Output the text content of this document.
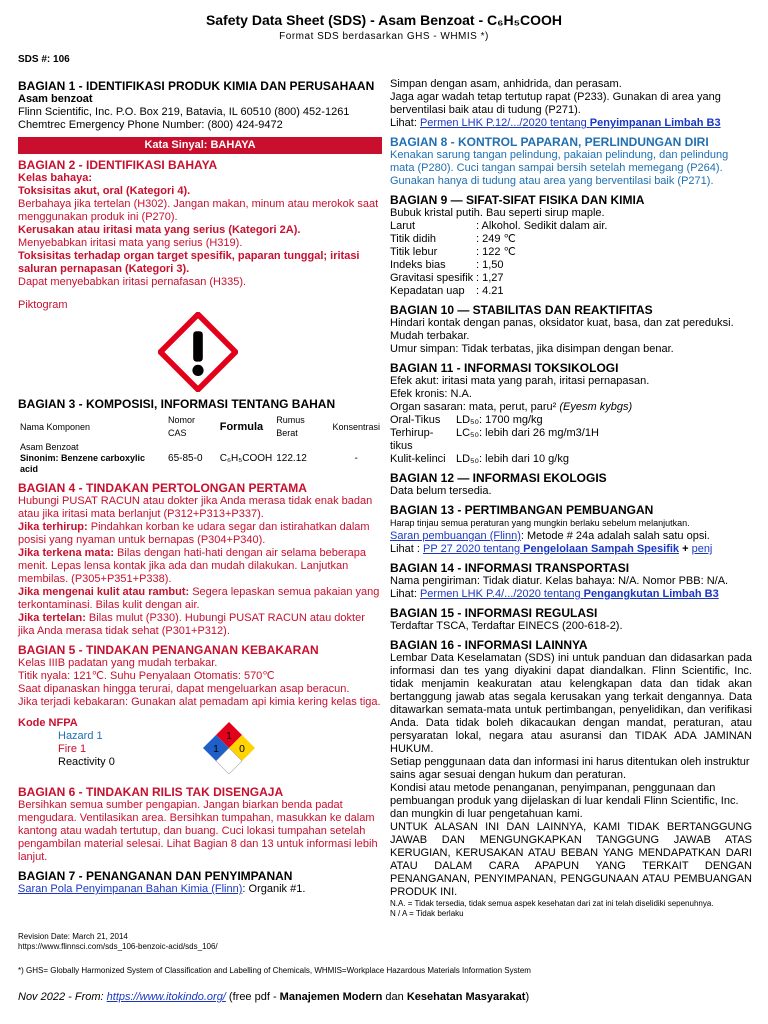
Safety Data Sheet (SDS) - Asam Benzoat - C₆H₅COOH
Format SDS berdasarkan GHS - WHMIS *)
SDS #: 106
BAGIAN 1 - IDENTIFIKASI PRODUK KIMIA DAN PERUSAHAAN
Asam benzoat
Flinn Scientific, Inc. P.O. Box 219, Batavia, IL 60510 (800) 452-1261
Chemtrec Emergency Phone Number: (800) 424-9472
Kata Sinyal: BAHAYA
BAGIAN 2 - IDENTIFIKASI BAHAYA
Kelas bahaya:
Toksisitas akut, oral (Kategori 4).
Berbahaya jika tertelan (H302). Jangan makan, minum atau merokok saat menggunakan produk ini (P270).
Kerusakan atau iritasi mata yang serius (Kategori 2A).
Menyebabkan iritasi mata yang serius (H319).
Toksisitas terhadap organ target spesifik, paparan tunggal; iritasi saluran pernapasan (Kategori 3).
Dapat menyebabkan iritasi pernafasan (H335).
Piktogram
BAGIAN 3 - KOMPOSISI, INFORMASI TENTANG BAHAN
Nama Komponen	Nomor CAS	Formula	Rumus Berat	Konsentrasi

Asam Benzoat
Sinonim: Benzene carboxylic acid	65-85-0	C₆H₅COOH	122.12	-
BAGIAN 4 - TINDAKAN PERTOLONGAN PERTAMA
Hubungi PUSAT RACUN atau dokter jika Anda merasa tidak enak badan atau jika iritasi mata berlanjut (P312+P313+P337).
Jika terhirup: Pindahkan korban ke udara segar dan istirahatkan dalam posisi yang nyaman untuk bernapas (P304+P340).
Jika terkena mata: Bilas dengan hati-hati dengan air selama beberapa menit. Lepas lensa kontak jika ada dan mudah dilakukan. Lanjutkan membilas. (P305+P351+P338).
Jika mengenai kulit atau rambut: Segera lepaskan semua pakaian yang terkontaminasi. Bilas kulit dengan air.
Jika tertelan: Bilas mulut (P330). Hubungi PUSAT RACUN atau dokter jika Anda merasa tidak sehat (P301+P312).
BAGIAN 5 - TINDAKAN PENANGANAN KEBAKARAN
Kelas IIIB padatan yang mudah terbakar.
Titik nyala: 121℃. Suhu Penyalaan Otomatis: 570℃
Saat dipanaskan hingga terurai, dapat mengeluarkan asap beracun.
Jika terjadi kebakaran: Gunakan alat pemadam api kimia kering kelas tiga.
Kode NFPA
Hazard 1
Fire 1
Reactivity 0
1
1 0
BAGIAN 6 - TINDAKAN RILIS TAK DISENGAJA
Bersihkan semua sumber pengapian. Jangan biarkan benda padat mengudara. Ventilasikan area. Bersihkan tumpahan, masukkan ke dalam kantong atau wadah tertutup, dan buang. Cuci lokasi tumpahan setelah pengambilan material selesai. Lihat Bagian 8 dan 13 untuk informasi lebih lanjut.
BAGIAN 7 - PENANGANAN DAN PENYIMPANAN
Saran Pola Penyimpanan Bahan Kimia (Flinn): Organik #1.
Revision Date: March 21, 2014
https://www.flinnsci.com/sds_106-benzoic-acid/sds_106/
Simpan dengan asam, anhidrida, dan perasam.
Jaga agar wadah tetap tertutup rapat (P233). Gunakan di area yang berventilasi baik atau di tudung (P271).
Lihat: Permen LHK P.12/.../2020 tentang Penyimpanan Limbah B3
BAGIAN 8 - KONTROL PAPARAN, PERLINDUNGAN DIRI
Kenakan sarung tangan pelindung, pakaian pelindung, dan pelindung mata (P280). Cuci tangan sampai bersih setelah memegang (P264). Gunakan hanya di tudung atau area yang berventilasi baik (P271).
BAGIAN 9 — SIFAT-SIFAT FISIKA DAN KIMIA
Bubuk kristal putih. Bau seperti sirup maple.
Larut	: Alkohol. Sedikit dalam air.
Titik didih	: 249 ℃
Titik lebur	: 122 ℃
Indeks bias	: 1,50
Gravitasi spesifik : 1,27
Kepadatan uap	: 4.21
BAGIAN 10 — STABILITAS DAN REAKTIFITAS
Hindari kontak dengan panas, oksidator kuat, basa, dan zat pereduksi. Mudah terbakar.
Umur simpan: Tidak terbatas, jika disimpan dengan benar.
BAGIAN 11 - INFORMASI TOKSIKOLOGI
Efek akut: iritasi mata yang parah, iritasi pernapasan.
Efek kronis: N.A.
Organ sasaran: mata, perut, paru² (Eyesm kybgs)
Oral-Tikus	LD₅₀: 1700 mg/kg
Terhirup-tikus
LC₅₀: lebih dari 26 mg/m3/1H
Kulit-kelinci LD₅₀: lebih dari 10 g/kg
BAGIAN 12 — INFORMASI EKOLOGIS
Data belum tersedia.
BAGIAN 13 - PERTIMBANGAN PEMBUANGAN
Harap tinjau semua peraturan yang mungkin berlaku sebelum melanjutkan.
Saran pembuangan (Flinn): Metode # 24a adalah salah satu opsi.
Lihat : PP 27 2020 tentang Pengelolaan Sampah Spesifik + penj
BAGIAN 14 - INFORMASI TRANSPORTASI
Nama pengiriman: Tidak diatur. Kelas bahaya: N/A. Nomor PBB: N/A.
Lihat: Permen LHK P.4/.../2020 tentang Pengangkutan Limbah B3
BAGIAN 15 - INFORMASI REGULASI
Terdaftar TSCA, Terdaftar EINECS (200-618-2).
BAGIAN 16 - INFORMASI LAINNYA
Lembar Data Keselamatan (SDS) ini untuk panduan dan didasarkan pada informasi dan tes yang diyakini dapat diandalkan. Flinn Scientific, Inc. tidak menjamin keakuratan atau kelengkapan data dan tidak akan bertanggung jawab atas segala kerusakan yang terkait dengannya. Data ditawarkan semata-mata untuk pertimbangan, penyelidikan, dan verifikasi Anda. Data tidak boleh dikacaukan dengan mandat, peraturan, atau persyaratan lokal, negara atau asuransi dan TIDAK ADA JAMINAN HUKUM.
Setiap penggunaan data dan informasi ini harus ditentukan oleh instruktur sains agar sesuai dengan hukum dan peraturan.
Kondisi atau metode penanganan, penyimpanan, penggunaan dan pembuangan produk yang dijelaskan di luar kendali Flinn Scientific, Inc. dan mungkin di luar pengetahuan kami.
UNTUK ALASAN INI DAN LAINNYA, KAMI TIDAK BERTANGGUNG JAWAB DAN MENGUNGKAPKAN TANGGUNG JAWAB ATAS KERUGIAN, KERUSAKAN ATAU BEBAN YANG MENDAPATKAN DARI ATAU DALAM CARA APAPUN YANG TERKAIT DENGAN PENANGANAN, PENYIMPANAN, PENGGUNAAN ATAU PEMBUANGAN PRODUK INI.
N.A. = Tidak tersedia, tidak semua aspek kesehatan dari zat ini telah diselidiki sepenuhnya.
N / A = Tidak berlaku
*) GHS= Globally Harmonized System of Classification and Labelling of Chemicals, WHMIS=Workplace Hazardous Materials Information System
Nov 2022 - From: https://www.itokindo.org/ (free pdf - Manajemen Modern dan Kesehatan Masyarakat)
